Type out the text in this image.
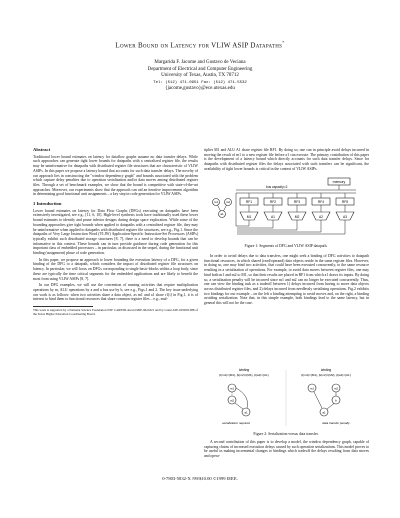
Lower Bound on Latency for VLIW ASIP Datapaths*
Margarida F. Jacome and Gustavo de Veciana
Department of Electrical and Computer Engineering
University of Texas, Austin, TX 78712
Tel: (512) 471-0951 Fax: (512) 471-5532
{jacome,gustavo}@ece.utexas.edu
Abstract

Traditional lower bound estimates on latency for dataflow graphs assume no data transfer delays. While such approaches can generate tight lower bounds for datapaths with a centralized register file, the results may be uninformative for datapaths with distributed register file structures that are characteristic of VLIW ASIPs. In this paper we propose a latency bound that accounts for such data transfer delays. The novelty of our approach lies in constructing the "window dependency graph" and bounds associated with the problem which capture delay penalties due to operation serialization and/or data moves among distributed register files. Through a set of benchmark examples, we show that the bound is competitive with state-of-the-art approaches. Moreover, our experiments show that the approach can aid an iterative improvement algorithm in determining good functional unit assignments – a key step in code generation for VLIW ASIPs.

1 Introduction

Lower bound estimates on latency for Data Flow Graphs (DFGs) executing on datapaths have been extensively investigated, see e.g., [11, 6, 10]. High-level synthesis tools have traditionally used these lower bound estimates to identify and prune inferior designs during design space exploration. While some of the bounding approaches give tight bounds when applied to datapaths with a centralized register file, they may be uninformative when applied to datapaths with distributed register file structures, see e.g., Fig.1. Since the datapaths of Very Large Instruction Word (VLIW) Application-Specific Instruction-Set Processors (ASIPs) typically exhibit such distributed storage structures [8, 7], there is a need to develop bounds that can be informative in this context. These bounds can in turn provide guidance during code generation for this important class of embedded processors – in particular, as discussed in the sequel, during the functional unit binding (assignment) phase of code generation.

In this paper, we propose an approach to lower bounding the execution latency of a DFG, for a given binding of the DFG to a datapath, which considers the impact of distributed register file structures on latency. In particular, we will focus on DFGs corresponding to single basic-blocks within a loop body, since these are typically the time critical segments for the embedded applications and are likely to benefit the most from using VLIW ASIPs [8, 7].

In our DFG examples, we will use the convention of naming activities that require multiplication operations by m, ALU operations by a and a bus use by b, see e.g., Figs.1 and 2. The key issue underlying our work is as follows: when two activities share a data object, as m1 and a1 share r1[i] in Fig.1, it is of interest to bind them to functional resources that share common register files – e.g., mul-

This work is supported by a National Science Foundation NSF CAREER Award MIP-9624321 and by Grant ATP-003658-088 of the Texas Higher Education Coordinating Board.

tiplier M1 and ALU A1 share register file RF1. By doing so, one can in principle avoid delays incurred in moving the result of m1 to a new register file before a1 can execute. The primary contribution of this paper is the development of a latency bound which directly accounts for such data transfer delays. Since for datapaths with distributed register files the delays associated with such transfers can be significant, the availability of tight lower bounds is critical in the context of VLIW ASIPs.

memory
bus capacity=2
m1	m2
a1
RF1	RF2	RF3	RF4	RF5
M1	A1	M2	A2	A3
Figure 1: Segments of DFG and VLIW ASIP datapath.

In order to avoid delays due to data transfers, one might seek a binding of DFG activities to datapath functional resources, in which shared (read/operand) data objects reside in the same register files. However, in doing so, one may bind two activities, that could have been executed concurrently, to the same resource resulting in a serialization of operations. For example, to avoid data moves between register files, one may bind both m1 and m2 to M1, so that their results are placed in RF1 from which a1 draws its inputs. By doing so, a serialization penalty will be incurred since m1 and m2 can no longer be executed concurrently. Thus, one can view the binding task as a tradeoff between 1) delays incurred from having to move data objects across distributed register files, and 2) delays incurred from needlessly serializing operations. Fig.2 exhibits two bindings for our example – on the left a binding attempting to avoid moves and, on the right, a binding avoiding serialization. Note that, in this simple example, both bindings lead to the same latency, but in general this will not be the case.

binding
β(m1)={M1}, β(m2)={M1}, β(a1)={A1}
m1
m2
a1
serialization required
binding
β(m1)={M1}, β(m2)={M2}, β(a1)={A1}
m1	m2
b
a1
data transfer penalty
Figure 2: Serialization versus data transfer.

A second contribution of this paper is to develop a model, the window dependency graph, capable of capturing chains of increased execution delays caused by such operation serializations. This model proves to be useful in making incremental changes to bindings which tradeoff the delays resulting from data moves and opera-

0-7803-5832-X /99/$10.00 ©1999 IEEE.
